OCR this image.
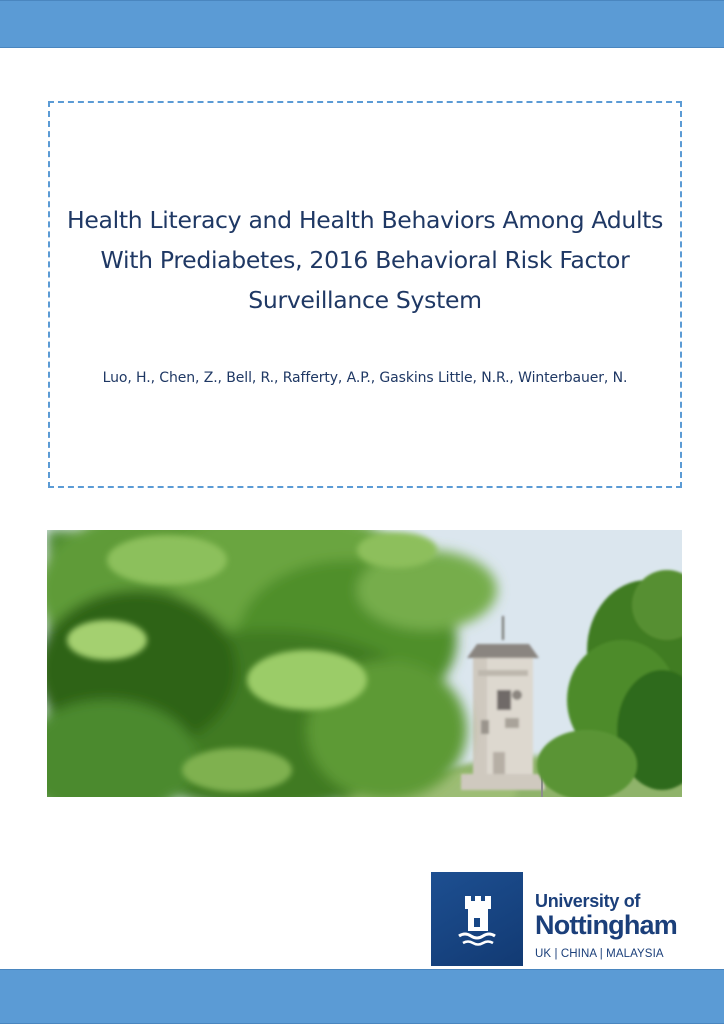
Health Literacy and Health Behaviors Among Adults With Prediabetes, 2016 Behavioral Risk Factor Surveillance System
Luo, H., Chen, Z., Bell, R., Rafferty, A.P., Gaskins Little, N.R., Winterbauer, N.
University of
Nottingham
UK | CHINA | MALAYSIA
